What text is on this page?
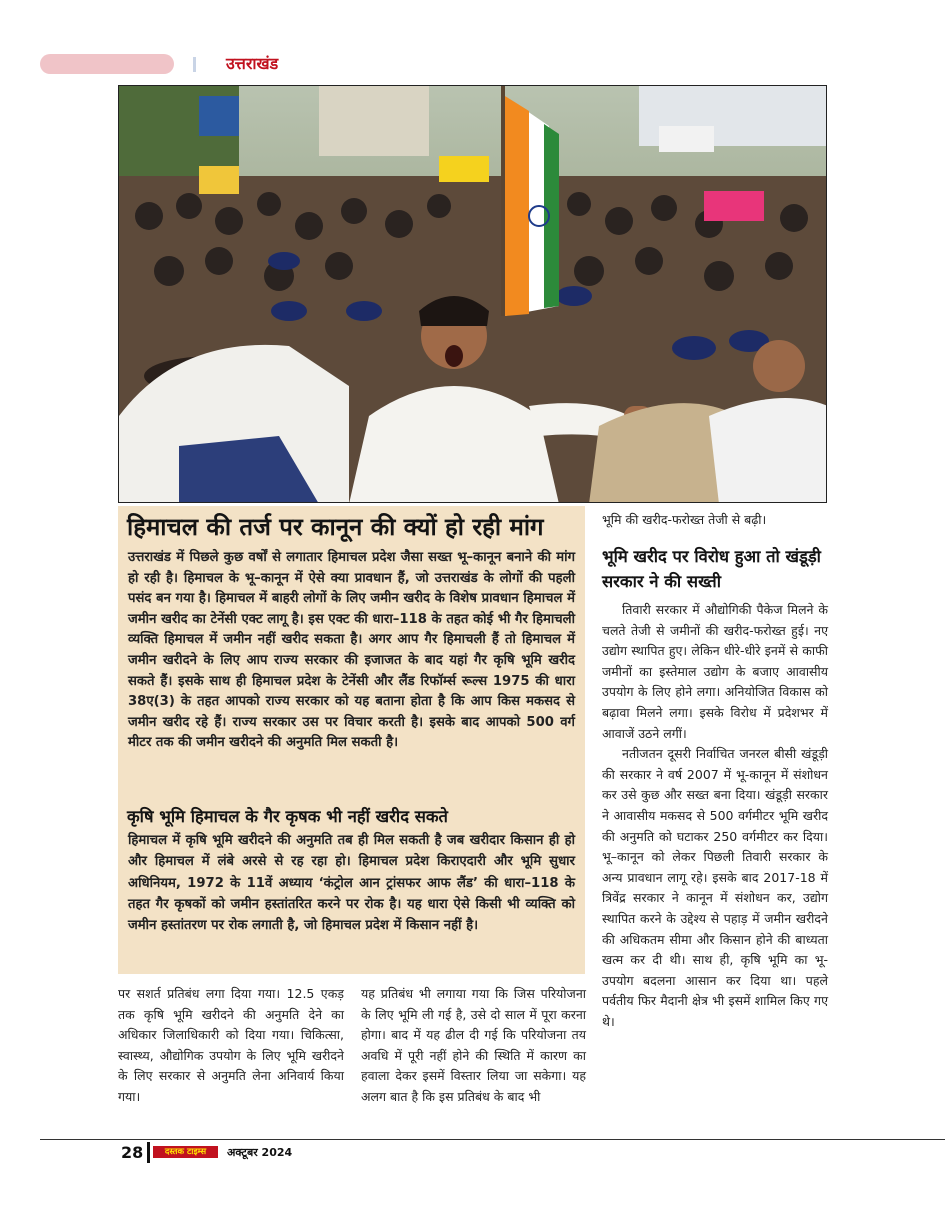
उत्तराखंड
हिमाचल की तर्ज पर कानून की क्यों हो रही मांग

उत्तराखंड में पिछले कुछ वर्षों से लगातार हिमाचल प्रदेश जैसा सख्त भू–कानून बनाने की मांग हो रही है। हिमाचल के भू–कानून में ऐसे क्या प्रावधान हैं, जो उत्तराखंड के लोगों की पहली पसंद बन गया है। हिमाचल में बाहरी लोगों के लिए जमीन खरीद के विशेष प्रावधान हिमाचल में जमीन खरीद का टेनेंसी एक्ट लागू है। इस एक्ट की धारा–118 के तहत कोई भी गैर हिमाचली व्यक्ति हिमाचल में जमीन नहीं खरीद सकता है। अगर आप गैर हिमाचली हैं तो हिमाचल में जमीन खरीदने के लिए आप राज्य सरकार की इजाजत के बाद यहां गैर कृषि भूमि खरीद सकते हैं। इसके साथ ही हिमाचल प्रदेश के टेनेंसी और लैंड रिफॉर्म्स रूल्स 1975 की धारा 38ए(3) के तहत आपको राज्य सरकार को यह बताना होता है कि आप किस मकसद से जमीन खरीद रहे हैं। राज्य सरकार उस पर विचार करती है। इसके बाद आपको 500 वर्ग मीटर तक की जमीन खरीदने की अनुमति मिल सकती है।

कृषि भूमि हिमाचल के गैर कृषक भी नहीं खरीद सकते

हिमाचल में कृषि भूमि खरीदने की अनुमति तब ही मिल सकती है जब खरीदार किसान ही हो और हिमाचल में लंबे अरसे से रह रहा हो। हिमाचल प्रदेश किराएदारी और भूमि सुधार अधिनियम, 1972 के 11वें अध्याय ‘कंट्रोल आन ट्रांसफर आफ लैंड’ की धारा–118 के तहत गैर कृषकों को जमीन हस्तांतरित करने पर रोक है। यह धारा ऐसे किसी भी व्यक्ति को जमीन हस्तांतरण पर रोक लगाती है, जो हिमाचल प्रदेश में किसान नहीं है।

पर सशर्त प्रतिबंध लगा दिया गया। 12.5 एकड़ तक कृषि भूमि खरीदने की अनुमति देने का अधिकार जिलाधिकारी को दिया गया। चिकित्सा, स्वास्थ्य, औद्योगिक उपयोग के लिए भूमि खरीदने के लिए सरकार से अनुमति लेना अनिवार्य किया गया।

यह प्रतिबंध भी लगाया गया कि जिस परियोजना के लिए भूमि ली गई है, उसे दो साल में पूरा करना होगा। बाद में यह ढील दी गई कि परियोजना तय अवधि में पूरी नहीं होने की स्थिति में कारण का हवाला देकर इसमें विस्तार लिया जा सकेगा। यह अलग बात है कि इस प्रतिबंध के बाद भी

भूमि की खरीद-फरोख्त तेजी से बढ़ी।

भूमि खरीद पर विरोध हुआ तो खंडूड़ी सरकार ने की सख्ती
तिवारी सरकार में औद्योगिकी पैकेज मिलने के चलते तेजी से जमीनों की खरीद-फरोख्त हुई। नए उद्योग स्थापित हुए। लेकिन धीरे-धीरे इनमें से काफी जमीनों का इस्तेमाल उद्योग के बजाए आवासीय उपयोग के लिए होने लगा। अनियोजित विकास को बढ़ावा मिलने लगा। इसके विरोध में प्रदेशभर में आवाजें उठने लगीं।
नतीजतन दूसरी निर्वाचित जनरल बीसी खंडूड़ी की सरकार ने वर्ष 2007 में भू-कानून में संशोधन कर उसे कुछ और सख्त बना दिया। खंडूड़ी सरकार ने आवासीय मकसद से 500 वर्गमीटर भूमि खरीद की अनुमति को घटाकर 250 वर्गमीटर कर दिया। भू–कानून को लेकर पिछली तिवारी सरकार के अन्य प्रावधान लागू रहे। इसके बाद 2017-18 में त्रिवेंद्र सरकार ने कानून में संशोधन कर, उद्योग स्थापित करने के उद्देश्य से पहाड़ में जमीन खरीदने की अधिकतम सीमा और किसान होने की बाध्यता खत्म कर दी थी। साथ ही, कृषि भूमि का भू-उपयोग बदलना आसान कर दिया था। पहले पर्वतीय फिर मैदानी क्षेत्र भी इसमें शामिल किए गए थे।
28	दस्तक टाइम्स	अक्टूबर 2024
